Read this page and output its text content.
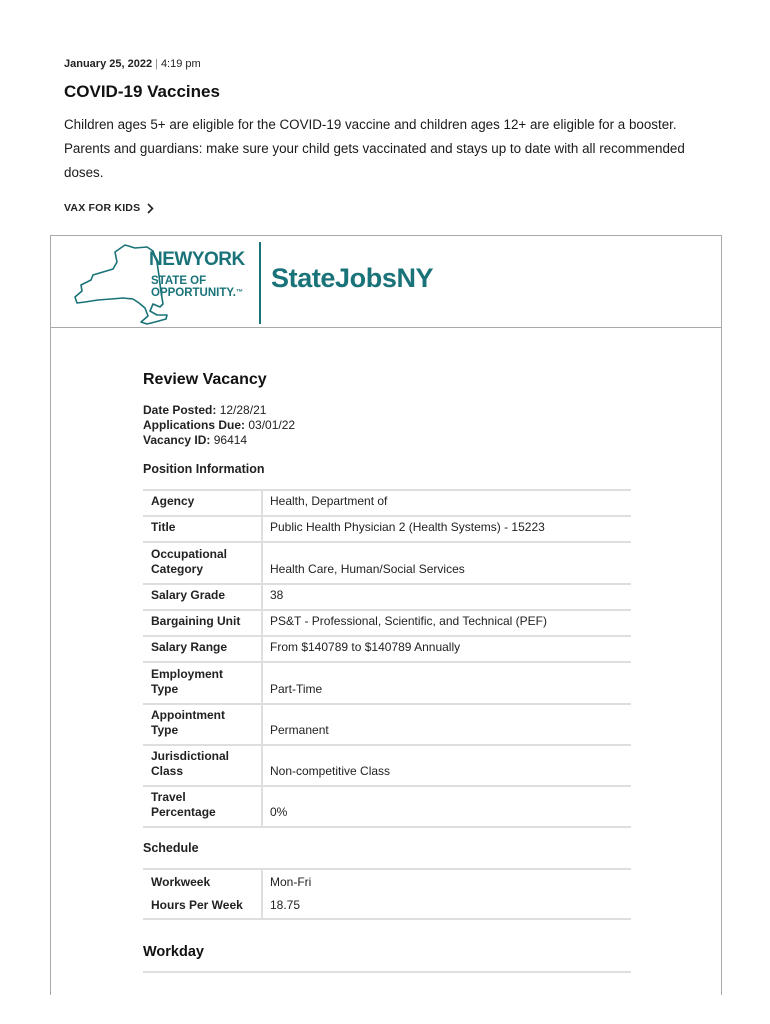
January 25, 2022 | 4:19 pm
COVID-19 Vaccines
Children ages 5+ are eligible for the COVID-19 vaccine and children ages 12+ are eligible for a booster. Parents and guardians: make sure your child gets vaccinated and stays up to date with all recommended doses.
VAX FOR KIDS
NEWYORK
STATE OF
OPPORTUNITY.™ StateJobsNY
Review Vacancy
Date Posted: 12/28/21
Applications Due: 03/01/22
Vacancy ID: 96414
Position Information
Agency	Health, Department of
Title	Public Health Physician 2 (Health Systems) - 15223
Occupational Category	Health Care, Human/Social Services
Salary Grade	38
Bargaining Unit	PS&T - Professional, Scientific, and Technical (PEF)
Salary Range	From $140789 to $140789 Annually
Employment Type	Part-Time
Appointment Type	Permanent
Jurisdictional Class	Non-competitive Class
Travel Percentage	0%
Schedule
Workweek	Mon-Fri
Hours Per Week	18.75
Workday
